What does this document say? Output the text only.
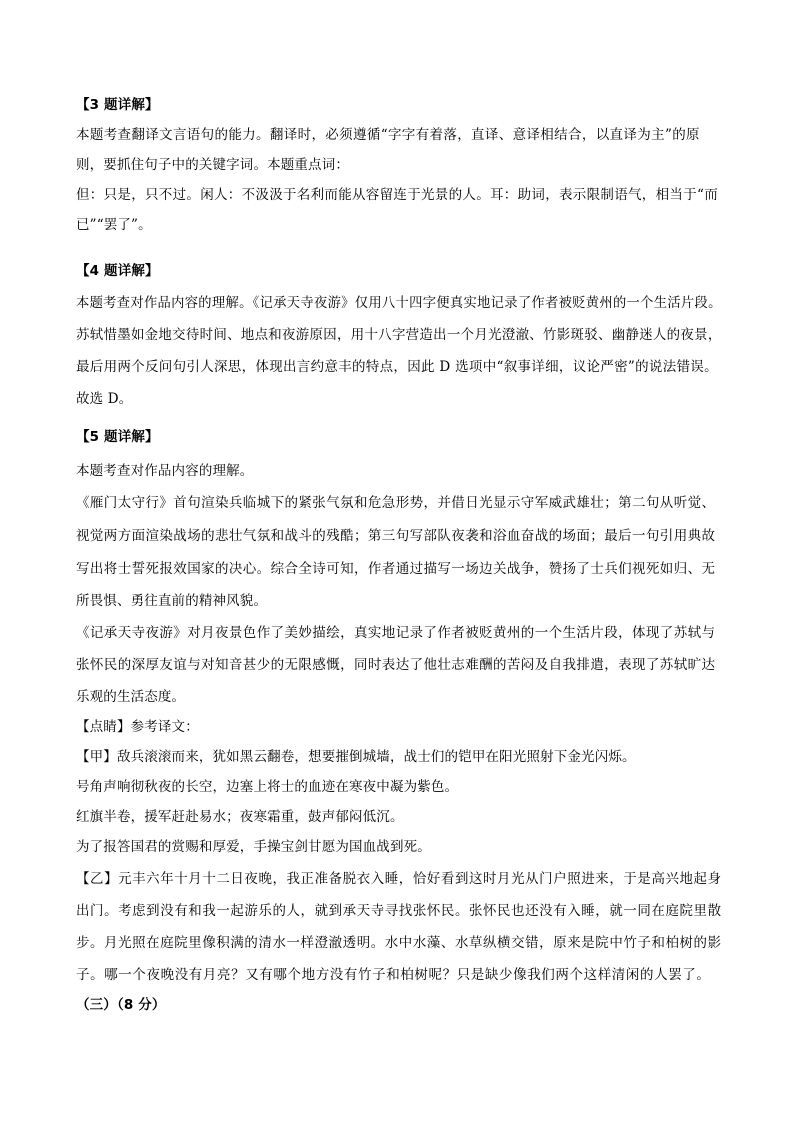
【3 题详解】
本题考查翻译文言语句的能力。翻译时，必须遵循“字字有着落，直译、意译相结合，以直译为主”的原
则，要抓住句子中的关键字词。本题重点词：
但：只是，只不过。闲人：不汲汲于名利而能从容留连于光景的人。耳：助词，表示限制语气，相当于“而
已”“罢了”。
【4 题详解】
本题考查对作品内容的理解。《记承天寺夜游》仅用八十四字便真实地记录了作者被贬黄州的一个生活片段。
苏轼惜墨如金地交待时间、地点和夜游原因，用十八字营造出一个月光澄澈、竹影斑驳、幽静迷人的夜景，
最后用两个反问句引人深思，体现出言约意丰的特点，因此 D 选项中“叙事详细，议论严密”的说法错误。
故选 D。
【5 题详解】
本题考查对作品内容的理解。
《雁门太守行》首句渲染兵临城下的紧张气氛和危急形势，并借日光显示守军威武雄壮；第二句从听觉、
视觉两方面渲染战场的悲壮气氛和战斗的残酷；第三句写部队夜袭和浴血奋战的场面；最后一句引用典故
写出将士誓死报效国家的决心。综合全诗可知，作者通过描写一场边关战争，赞扬了士兵们视死如归、无
所畏惧、勇往直前的精神风貌。
《记承天寺夜游》对月夜景色作了美妙描绘，真实地记录了作者被贬黄州的一个生活片段，体现了苏轼与
张怀民的深厚友谊与对知音甚少的无限感慨，同时表达了他壮志难酬的苦闷及自我排遣，表现了苏轼旷达
乐观的生活态度。
【点睛】参考译文：
【甲】敌兵滚滚而来，犹如黑云翻卷，想要摧倒城墙，战士们的铠甲在阳光照射下金光闪烁。
号角声响彻秋夜的长空，边塞上将士的血迹在寒夜中凝为紫色。
红旗半卷，援军赶赴易水；夜寒霜重，鼓声郁闷低沉。
为了报答国君的赏赐和厚爱，手操宝剑甘愿为国血战到死。
【乙】元丰六年十月十二日夜晚，我正准备脱衣入睡，恰好看到这时月光从门户照进来，于是高兴地起身
出门。考虑到没有和我一起游乐的人，就到承天寺寻找张怀民。张怀民也还没有入睡，就一同在庭院里散
步。月光照在庭院里像积满的清水一样澄澈透明。水中水藻、水草纵横交错，原来是院中竹子和柏树的影
子。哪一个夜晚没有月亮？又有哪个地方没有竹子和柏树呢？只是缺少像我们两个这样清闲的人罢了。
（三）（8 分）
